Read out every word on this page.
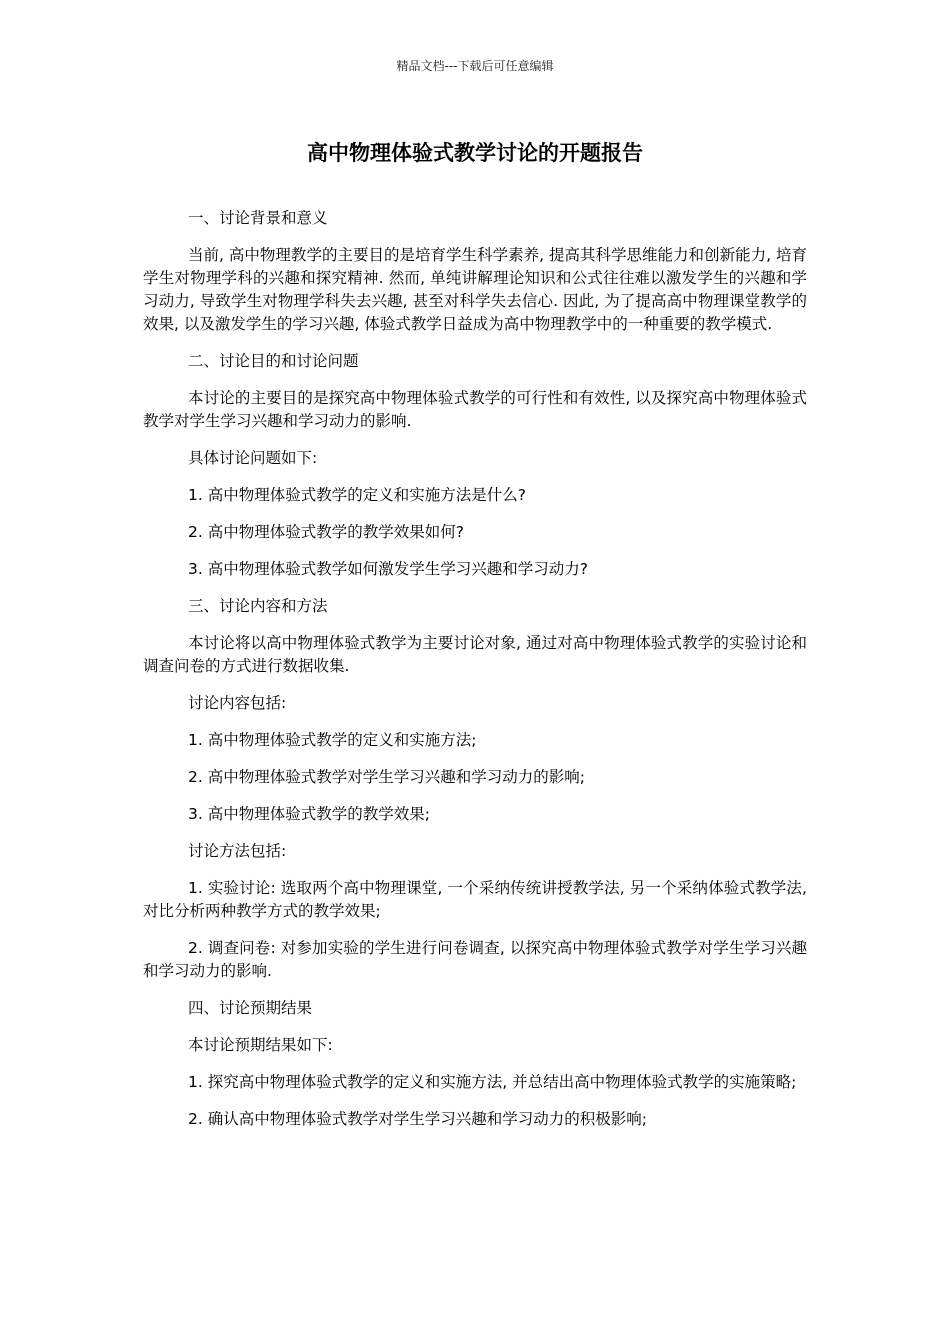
精品文档---下载后可任意编辑
高中物理体验式教学讨论的开题报告

一、讨论背景和意义

当前, 高中物理教学的主要目的是培育学生科学素养, 提高其科学思维能力和创新能力, 培育学生对物理学科的兴趣和探究精神. 然而, 单纯讲解理论知识和公式往往难以激发学生的兴趣和学习动力, 导致学生对物理学科失去兴趣, 甚至对科学失去信心. 因此, 为了提高高中物理课堂教学的效果, 以及激发学生的学习兴趣, 体验式教学日益成为高中物理教学中的一种重要的教学模式.

二、讨论目的和讨论问题

本讨论的主要目的是探究高中物理体验式教学的可行性和有效性, 以及探究高中物理体验式教学对学生学习兴趣和学习动力的影响.

具体讨论问题如下:

1. 高中物理体验式教学的定义和实施方法是什么?

2. 高中物理体验式教学的教学效果如何?

3. 高中物理体验式教学如何激发学生学习兴趣和学习动力?

三、讨论内容和方法

本讨论将以高中物理体验式教学为主要讨论对象, 通过对高中物理体验式教学的实验讨论和调查问卷的方式进行数据收集.

讨论内容包括:

1. 高中物理体验式教学的定义和实施方法;

2. 高中物理体验式教学对学生学习兴趣和学习动力的影响;

3. 高中物理体验式教学的教学效果;

讨论方法包括:

1. 实验讨论: 选取两个高中物理课堂, 一个采纳传统讲授教学法, 另一个采纳体验式教学法, 对比分析两种教学方式的教学效果;

2. 调查问卷: 对参加实验的学生进行问卷调查, 以探究高中物理体验式教学对学生学习兴趣和学习动力的影响.

四、讨论预期结果

本讨论预期结果如下:

1. 探究高中物理体验式教学的定义和实施方法, 并总结出高中物理体验式教学的实施策略;

2. 确认高中物理体验式教学对学生学习兴趣和学习动力的积极影响;
